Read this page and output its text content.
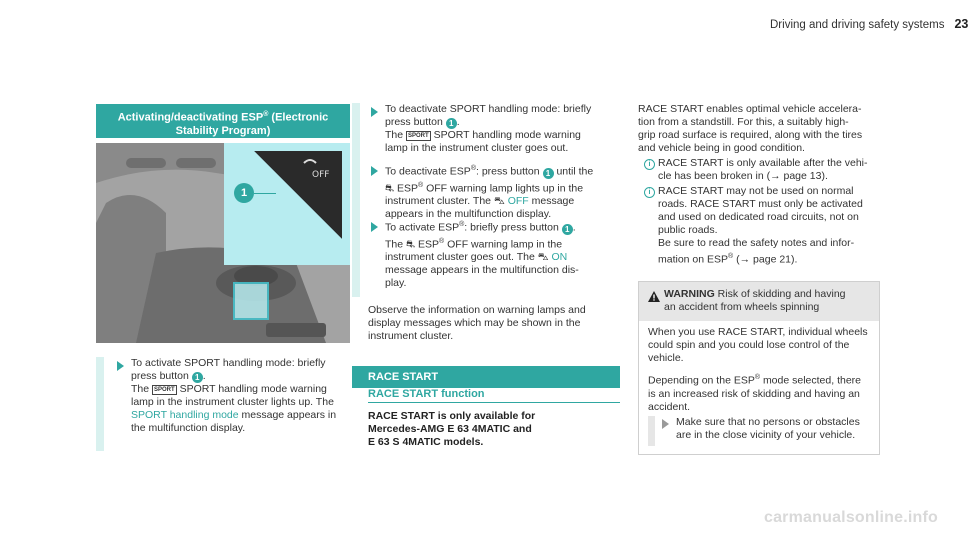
Driving and driving safety systems 23
Activating/deactivating ESP® (Electronic
Stability Program)
OFF
1
To activate SPORT handling mode: briefly
press button 1 .
The SPORT SPORT handling mode warning
lamp in the instrument cluster lights up. The
SPORT handling mode message appears in
the multifunction display.
To deactivate SPORT handling mode: briefly
press button 1 .
The SPORT SPORT handling mode warning
lamp in the instrument cluster goes out.
To deactivate ESP®: press button 1 until the
⛐ ESP® OFF warning lamp lights up in the
instrument cluster. The ⛍ OFF message
appears in the multifunction display.
To activate ESP®: briefly press button 1 .
The ⛐ ESP® OFF warning lamp in the
instrument cluster goes out. The ⛍ ON
message appears in the multifunction dis-
play.
Observe the information on warning lamps and
display messages which may be shown in the
instrument cluster.
RACE START
RACE START function
RACE START is only available for
Mercedes-AMG E 63 4MATIC and
E 63 S 4MATIC models.
RACE START enables optimal vehicle accelera-
tion from a standstill. For this, a suitably high-
grip road surface is required, along with the tires
and vehicle being in good condition.
i RACE START is only available after the vehi-
cle has been broken in (→ page 13).
i RACE START may not be used on normal
roads. RACE START must only be activated
and used on dedicated road circuits, not on
public roads.
Be sure to read the safety notes and infor-
mation on ESP® (→ page 21).
WARNING Risk of skidding and having
an accident from wheels spinning
When you use RACE START, individual wheels
could spin and you could lose control of the
vehicle.
Depending on the ESP® mode selected, there
is an increased risk of skidding and having an
accident.
Make sure that no persons or obstacles
are in the close vicinity of your vehicle.
carmanualsonline.info
